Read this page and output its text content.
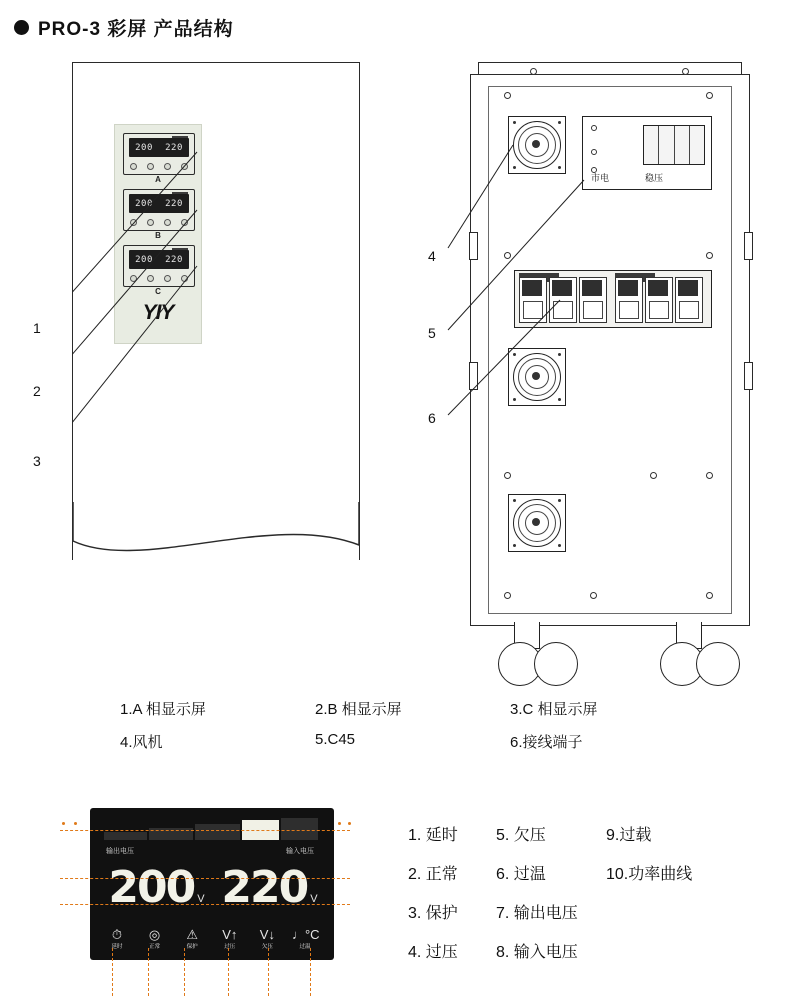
PRO-3 彩屏 产品结构
200 220
A
200 220
B
200 220
C
YIY
1
2
3
市电	稳压
4
5
6
1.A 相显示屏	2.B 相显示屏	3.C 相显示屏
4.风机	5.C45	6.接线端子
输出电压	输入电压
200 V 220 V
⏱
延时
◎
正常
⚠
保护
V↑
过压
V↓
欠压
♩°C
过温
1. 延时	5. 欠压	9.过载
2. 正常	6. 过温	10.功率曲线
3. 保护	7. 输出电压
4. 过压	8. 输入电压
